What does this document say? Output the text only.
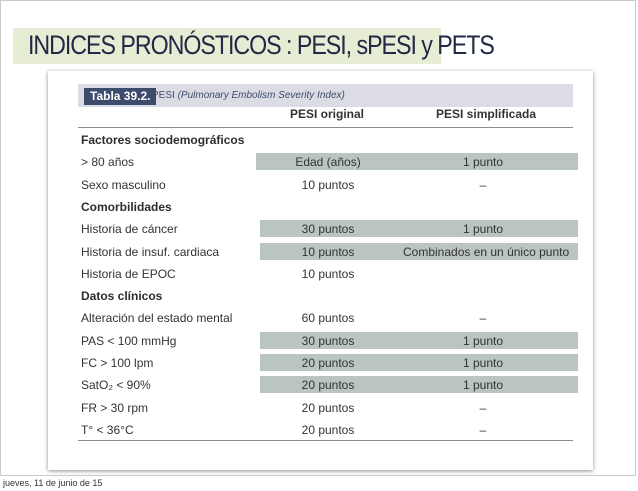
INDICES PRONÓSTICOS : PESI, sPESI y PETS
Tabla 39.2. PESI (Pulmonary Embolism Severity Index)
PESI original	PESI simplificada
Factores sociodemográficos
> 80 años	Edad (años)	1 punto
Sexo masculino	10 puntos	–
Comorbilidades
Historia de cáncer	30 puntos	1 punto
Historia de insuf. cardiaca	10 puntos	Combinados en un único punto
Historia de EPOC	10 puntos
Datos clínicos
Alteración del estado mental	60 puntos	–
PAS < 100 mmHg	30 puntos	1 punto
FC > 100 lpm	20 puntos	1 punto
SatO₂ < 90%	20 puntos	1 punto
FR > 30 rpm	20 puntos	–
T° < 36°C	20 puntos	–
jueves, 11 de junio de 15
